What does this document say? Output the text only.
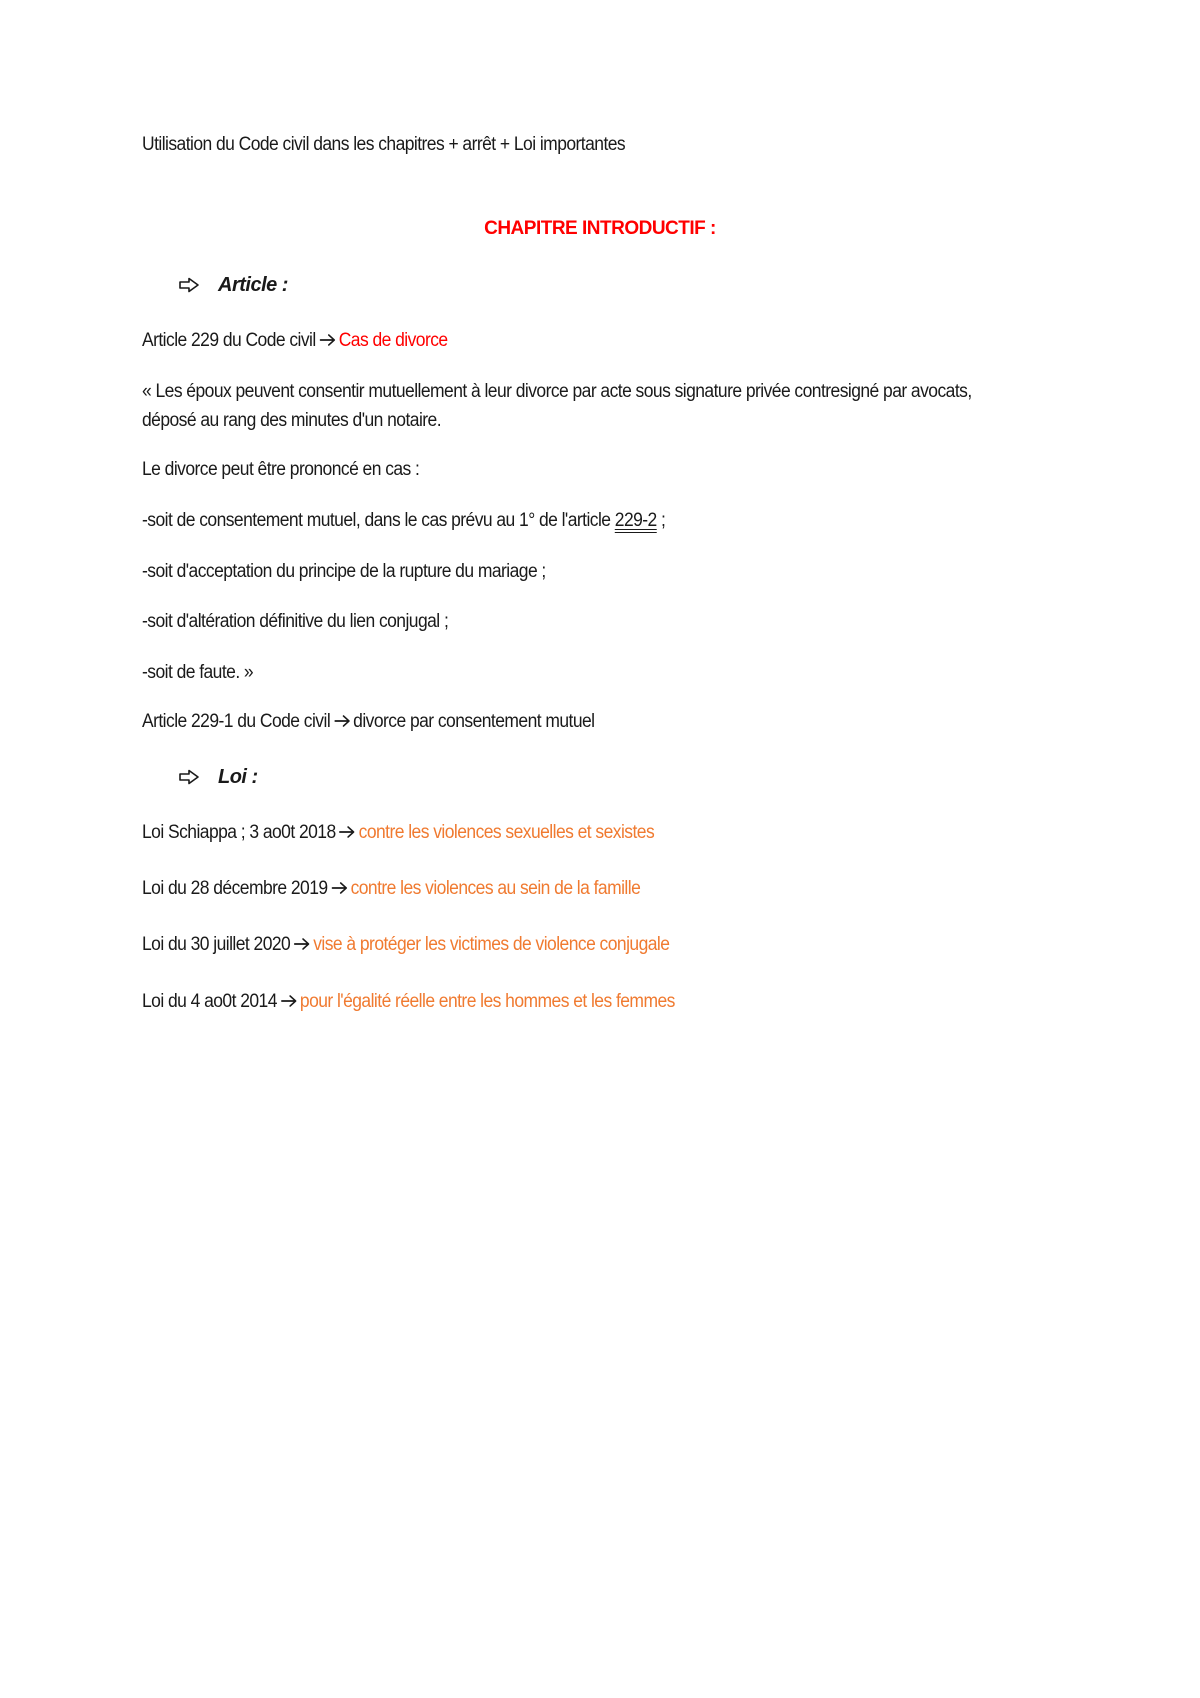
Utilisation du Code civil dans les chapitres + arrêt + Loi importantes
CHAPITRE INTRODUCTIF :
Article :
Article 229 du Code civil Cas de divorce
« Les époux peuvent consentir mutuellement à leur divorce par acte sous signature privée contresigné par avocats,
déposé au rang des minutes d'un notaire.
Le divorce peut être prononcé en cas :
-soit de consentement mutuel, dans le cas prévu au 1° de l'article 229-2 ;
-soit d'acceptation du principe de la rupture du mariage ;
-soit d'altération définitive du lien conjugal ;
-soit de faute. »
Article 229-1 du Code civil divorce par consentement mutuel
Loi :
Loi Schiappa ; 3 ao0t 2018 contre les violences sexuelles et sexistes
Loi du 28 décembre 2019 contre les violences au sein de la famille
Loi du 30 juillet 2020 vise à protéger les victimes de violence conjugale
Loi du 4 ao0t 2014 pour l'égalité réelle entre les hommes et les femmes
